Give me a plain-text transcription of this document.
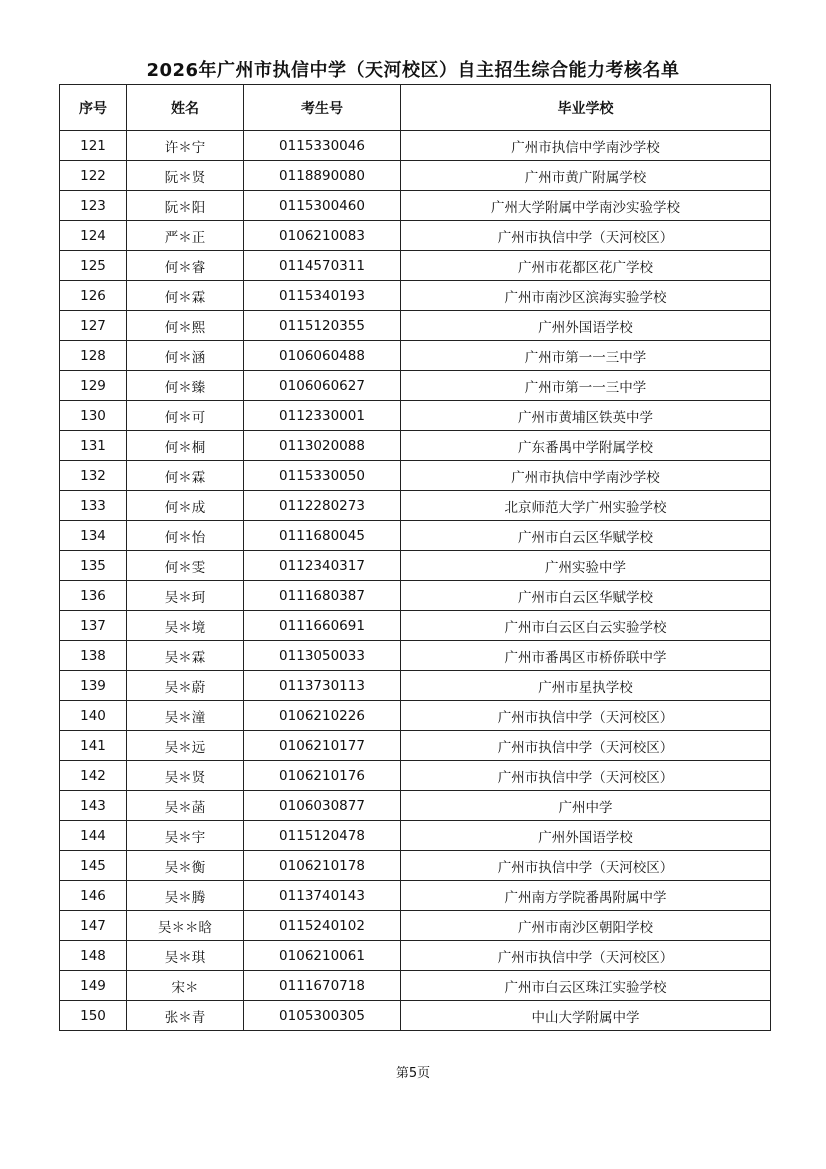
2026年广州市执信中学（天河校区）自主招生综合能力考核名单
序号	姓名	考生号	毕业学校
121	许＊宁	0115330046	广州市执信中学南沙学校
122	阮＊贤	0118890080	广州市黄广附属学校
123	阮＊阳	0115300460	广州大学附属中学南沙实验学校
124	严＊正	0106210083	广州市执信中学（天河校区）
125	何＊睿	0114570311	广州市花都区花广学校
126	何＊霖	0115340193	广州市南沙区滨海实验学校
127	何＊熙	0115120355	广州外国语学校
128	何＊涵	0106060488	广州市第一一三中学
129	何＊臻	0106060627	广州市第一一三中学
130	何＊可	0112330001	广州市黄埔区铁英中学
131	何＊桐	0113020088	广东番禺中学附属学校
132	何＊霖	0115330050	广州市执信中学南沙学校
133	何＊成	0112280273	北京师范大学广州实验学校
134	何＊怡	0111680045	广州市白云区华赋学校
135	何＊雯	0112340317	广州实验中学
136	吴＊珂	0111680387	广州市白云区华赋学校
137	吴＊境	0111660691	广州市白云区白云实验学校
138	吴＊霖	0113050033	广州市番禺区市桥侨联中学
139	吴＊蔚	0113730113	广州市星执学校
140	吴＊潼	0106210226	广州市执信中学（天河校区）
141	吴＊远	0106210177	广州市执信中学（天河校区）
142	吴＊贤	0106210176	广州市执信中学（天河校区）
143	吴＊菡	0106030877	广州中学
144	吴＊宇	0115120478	广州外国语学校
145	吴＊衡	0106210178	广州市执信中学（天河校区）
146	吴＊腾	0113740143	广州南方学院番禺附属中学
147	吴＊＊晗	0115240102	广州市南沙区朝阳学校
148	吴＊琪	0106210061	广州市执信中学（天河校区）
149	宋＊	0111670718	广州市白云区珠江实验学校
150	张＊青	0105300305	中山大学附属中学
第5页
